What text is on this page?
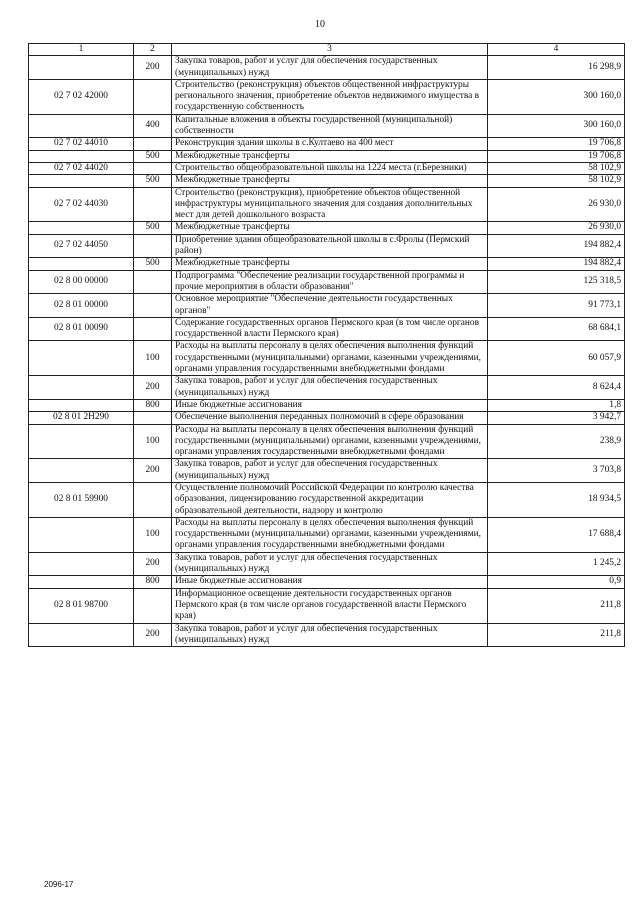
10
1	2	3	4
	200	Закупка товаров, работ и услуг для обеспечения государственных (муниципальных) нужд	16 298,9
02 7 02 42000		Строительство (реконструкция) объектов общественной инфраструктуры регионального значения, приобретение объектов недвижимого имущества в государственную собственность	300 160,0
	400	Капитальные вложения в объекты государственной (муниципальной) собственности	300 160,0
02 7 02 44010		Реконструкция здания школы в с.Култаево на 400 мест	19 706,8
	500	Межбюджетные трансферты	19 706,8
02 7 02 44020		Строительство общеобразовательной школы на 1224 места (г.Березники)	58 102,9
	500	Межбюджетные трансферты	58 102,9
02 7 02 44030		Строительство (реконструкция), приобретение объектов общественной инфраструктуры муниципального значения для создания дополнительных мест для детей дошкольного возраста	26 930,0
	500	Межбюджетные трансферты	26 930,0
02 7 02 44050		Приобретение здания общеобразовательной школы в с.Фролы (Пермский район)	194 882,4
	500	Межбюджетные трансферты	194 882,4
02 8 00 00000		Подпрограмма "Обеспечение реализации государственной программы и прочие мероприятия в области образования"	125 318,5
02 8 01 00000		Основное мероприятие "Обеспечение деятельности государственных органов"	91 773,1
02 8 01 00090		Содержание государственных органов Пермского края (в том числе органов государственной власти Пермского края)	68 684,1
	100	Расходы на выплаты персоналу в целях обеспечения выполнения функций государственными (муниципальными) органами, казенными учреждениями, органами управления государственными внебюджетными фондами	60 057,9
	200	Закупка товаров, работ и услуг для обеспечения государственных (муниципальных) нужд	8 624,4
	800	Иные бюджетные ассигнования	1,8
02 8 01 2Н290		Обеспечение выполнения переданных полномочий в сфере образования	3 942,7
	100	Расходы на выплаты персоналу в целях обеспечения выполнения функций государственными (муниципальными) органами, казенными учреждениями, органами управления государственными внебюджетными фондами	238,9
	200	Закупка товаров, работ и услуг для обеспечения государственных (муниципальных) нужд	3 703,8
02 8 01 59900		Осуществление полномочий Российской Федерации по контролю качества образования, лицензированию государственной аккредитации образовательной деятельности, надзору и контролю	18 934,5
	100	Расходы на выплаты персоналу в целях обеспечения выполнения функций государственными (муниципальными) органами, казенными учреждениями, органами управления государственными внебюджетными фондами	17 688,4
	200	Закупка товаров, работ и услуг для обеспечения государственных (муниципальных) нужд	1 245,2
	800	Иные бюджетные ассигнования	0,9
02 8 01 98700		Информационное освещение деятельности государственных органов Пермского края (в том числе органов государственной власти Пермского края)	211,8
	200	Закупка товаров, работ и услуг для обеспечения государственных (муниципальных) нужд	211,8
2096-17
